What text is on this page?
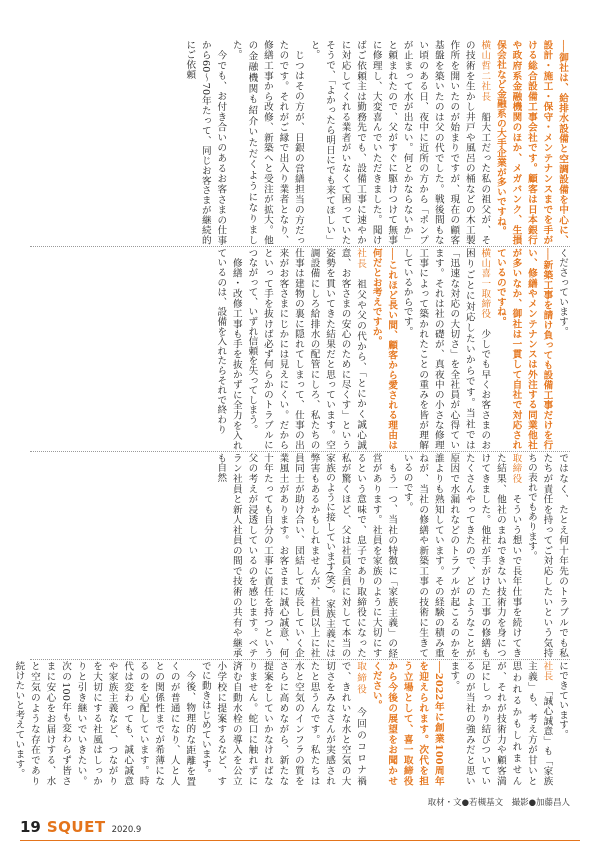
──御社は、給排水設備と空調設備を中心に、設計・施工・保守・メンテナンスまでを手がける総合設備工事会社です。顧客は日本銀行や政府系金融機関のほか、メガバンク、生損保会社など金融系の大手企業が多いですね。

横山哲二社長　船大工だった私の祖父が、その技術を生かし井戸や風呂の桶などの木工製作所を開いたのが始まりですが、現在の顧客基盤を築いたのは父の代でした。戦後間もない頃のある日、夜中に近所の方から「ポンプが止まって水が出ない。何とかならないか」と頼まれたので、父がすぐに駆けつけて無事に修理し、大変喜んでいただきました。聞けばご依頼主は勤務先でも、設備工事に速やかに対応してくれる業者がいなくて困っていたそうで、「よかったら明日にでも来てほしい」と。

じつはその方が、日銀の営繕担当の方だったのです。それがご縁で出入り業者となり、修繕工事から改修、新築へと受注が拡大。他の金融機関も紹介いただくようになりました。

今でも、お付き合いのあるお客さまの仕事から60～70年たって、同じお客さまが継続的にご依頼

くださっています。

──新築工事を請け負っても設備工事だけを行い、修繕やメンテナンスは外注する同業他社が多いなか、御社は一貫して自社で対応されているのですね。

横山喜一取締役　少しでも早くお客さまのお困りごとに対応したいからです。当社では「迅速な対応の大切さ」を全社員が心得ています。それは社の礎が、真夜中の小さな修理工事によって築かれたことの重みを皆が理解しているからです。

──これほど長い間、顧客から愛される理由は何だとお考えですか。

社長　祖父や父の代から、「とにかく誠心誠意、お客さまの安心のために尽くす」という姿勢を貫いてきた結果だと思っています。空調設備にしろ給排水の配管にしろ、私たちの仕事は建物の裏に隠れてしまって、仕事の出来がお客さまにじかには見えにくい。だからといって手を抜けば必ず何らかのトラブルにつながって、いずれ信頼を失ってしまう。

修繕・改修工事も手を抜かずに全力を入れているのは、設備を入れたらそれで終わり

ではなく、たとえ何十年先のトラブルでも私たちが責任を持ってご対応したいという気持ちの表れでもあります。

取締役　そういう想いで長年仕事を続けてきた結果、他社のまねできない技術力を身につけてきました。他社が手がけた工事の修繕もたくさんやってきたので、どのようなことが原因で水漏れなどのトラブルが起こるのかを誰よりも熟知しています。その経験の積み重ねが、当社の修繕や新築工事の技術に生きているのです。

もう一つ、当社の特徴に「家族主義」の経営があります。社員を家族のように大切にするという意味で、息子であり取締役になった私が驚くほど、父は社員全員に対して本当の家族のように接しています(笑)。家族主義には弊害もあるかもしれませんが、社員以上に社員同士が助け合い、団結して成長していく企業風土があります。お客さまに誠心誠意、何十年たっても自分の工事に責任を持つという父の考えが浸透しているのを感じます。ベテラン社員と新人社員の間で技術の共有や継承も自然

にできています。

社長　「誠心誠意」も「家族主義」も、考え方が甘いと思われるかもしれませんが、それが技術力や顧客満足にしっかり結びついているのが当社の強みだと思います。

──2022年に創業100周年を迎えられます。次代を担う立場として、喜一取締役から今後の展望をお聞かせください。

取締役　今回のコロナ禍で、きれいな水と空気の大切さをみなさんが実感されたと思うんです。私たちは水と空気のインフラの質をさらに高めながら、新たな提案をしていかなければなりません。蛇口に触れずに済む自動水栓の導入を公立小学校に提案するなど、すでに動きはじめています。

今後、物理的な距離を置くのが普通になり、人と人との関係性までが希薄になるのを心配しています。時代は変わっても、誠心誠意や家族主義など、つながりを大切にする社風はしっかりと引き継いでいきたい。次の100年も変わらず皆さまに安心をお届けする、水と空気のような存在であり続けたいと考えています。

取材・文●若槻基文　撮影●加藤昌人
19 SQUET 2020.9
